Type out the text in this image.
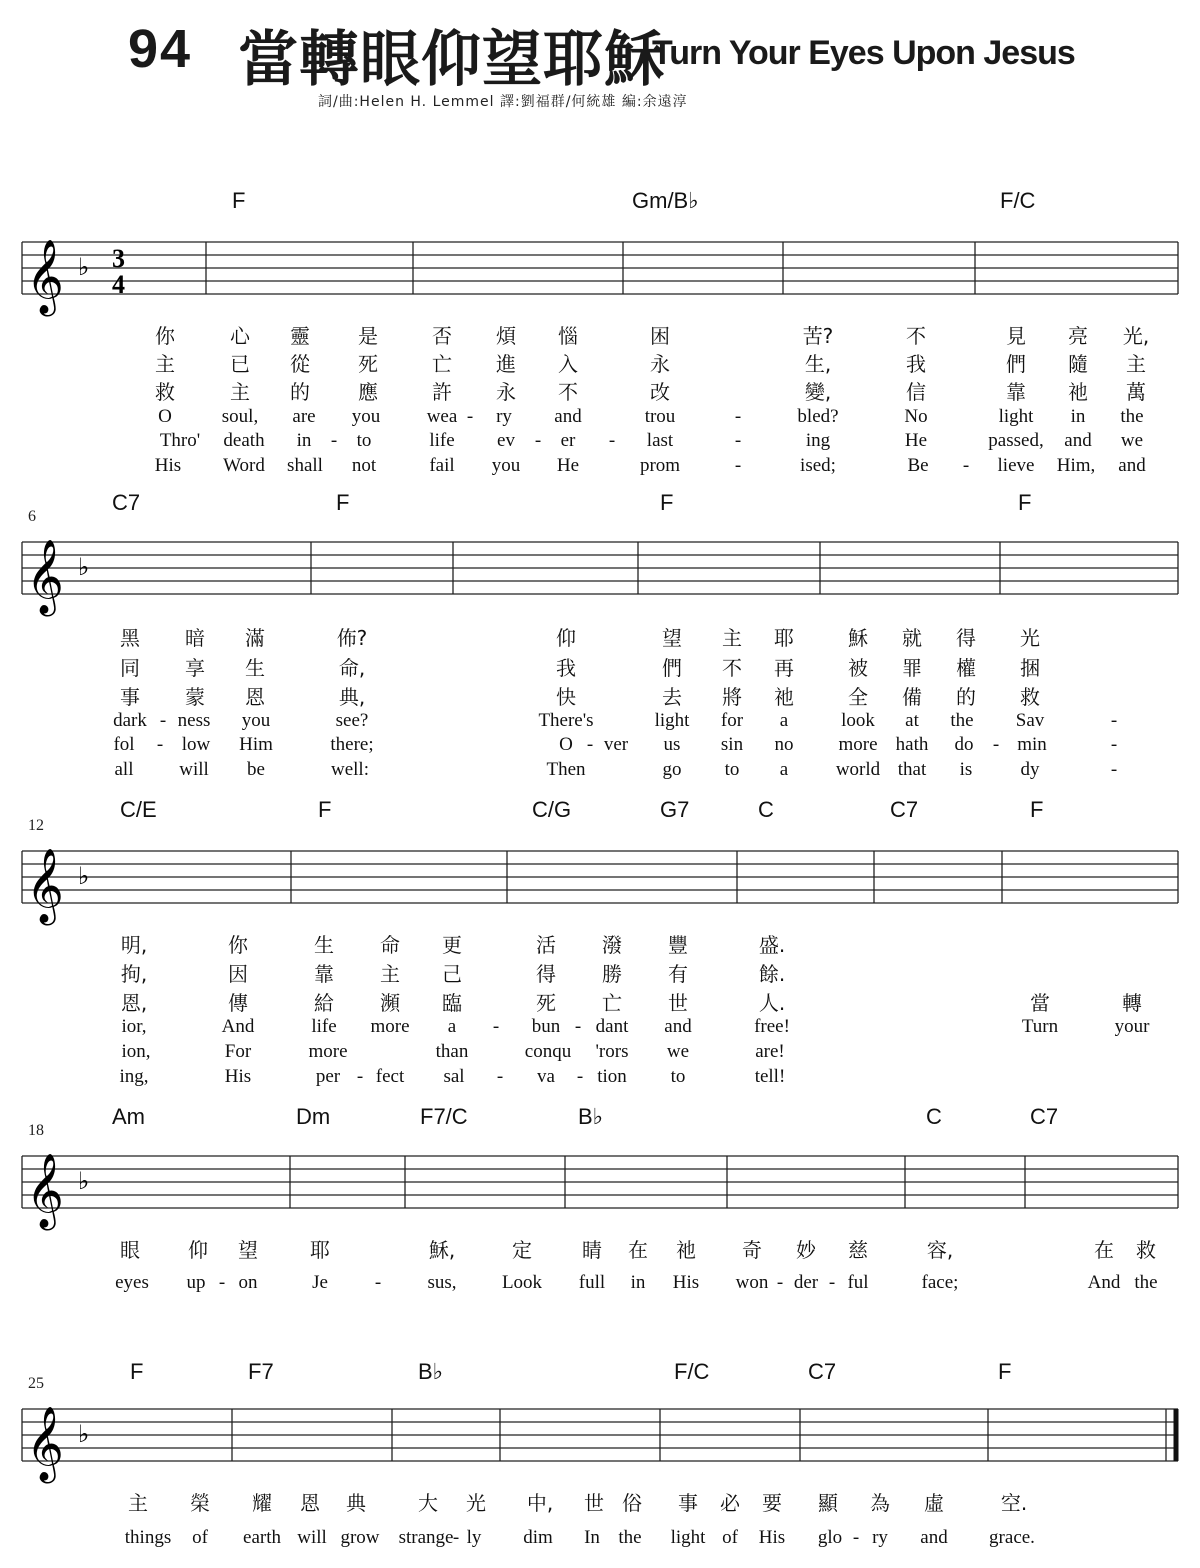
94 當轉眼仰望耶穌
Turn Your Eyes Upon Jesus
詞/曲:Helen H. Lemmel 譯:劉福群/何統雄 編:余遠淳
F	Gm/B♭	F/C
𝄞 ♭ 3
4
你	心 靈 是	否 煩 惱	困	苦?	不	見 亮 光,
主	已 從 死	亡 進 入	永	生,	我	們 隨 主
救	主 的 應	許 永 不	改	變,	信	靠 祂 萬
O	soul, are you wea - ry and	trou	-	bled?	No	light in the
Thro' death in - to	life ev - er - last	-	ing	He	passed, and we
His Word shall not	fail you He	prom	-	ised;	Be - lieve Him, and
6
C7	F	F	F
𝄞 ♭
黑 暗 滿	佈?	仰	望 主 耶	穌 就 得 光
同 享 生	命,	我	們 不 再	被 罪 權 捆
事 蒙 恩	典,	快	去 將 祂	全 備 的 救
dark - ness you	see?	There's	light for a	look at the Sav	-
fol - low Him	there;	O - ver us sin no more hath do - min	-
all will be	well:	Then	go to a	world that is	dy	-
12
C/E	F	C/G	G7	C	C7	F
𝄞 ♭
明,	你	生 命 更	活 潑 豐	盛.
拘,	因	靠 主 己	得 勝 有	餘.
恩,	傳	給 瀕 臨	死 亡 世	人.	當	轉
ior,	And	life more a - bun - dant and	free!	Turn	your
ion,	For	more	than	conqu 'rors we	are!
ing,	His	per - fect sal - va - tion to	tell!
18
Am	Dm	F7/C	B♭	C	C7
𝄞 ♭
眼 仰 望	耶	穌,	定	睛 在 祂 奇 妙 慈	容,	在 救
eyes up - on	Je - sus, Look full in His won - der - ful	face;	And the
25	F	F7	B♭	F/C	C7	F
𝄞 ♭
主 榮 耀 恩 典	大 光 中, 世 俗 事 必 要 顯 為 虛	空.
things of earth will grow strange - ly dim In the light of His glo - ry and grace.
